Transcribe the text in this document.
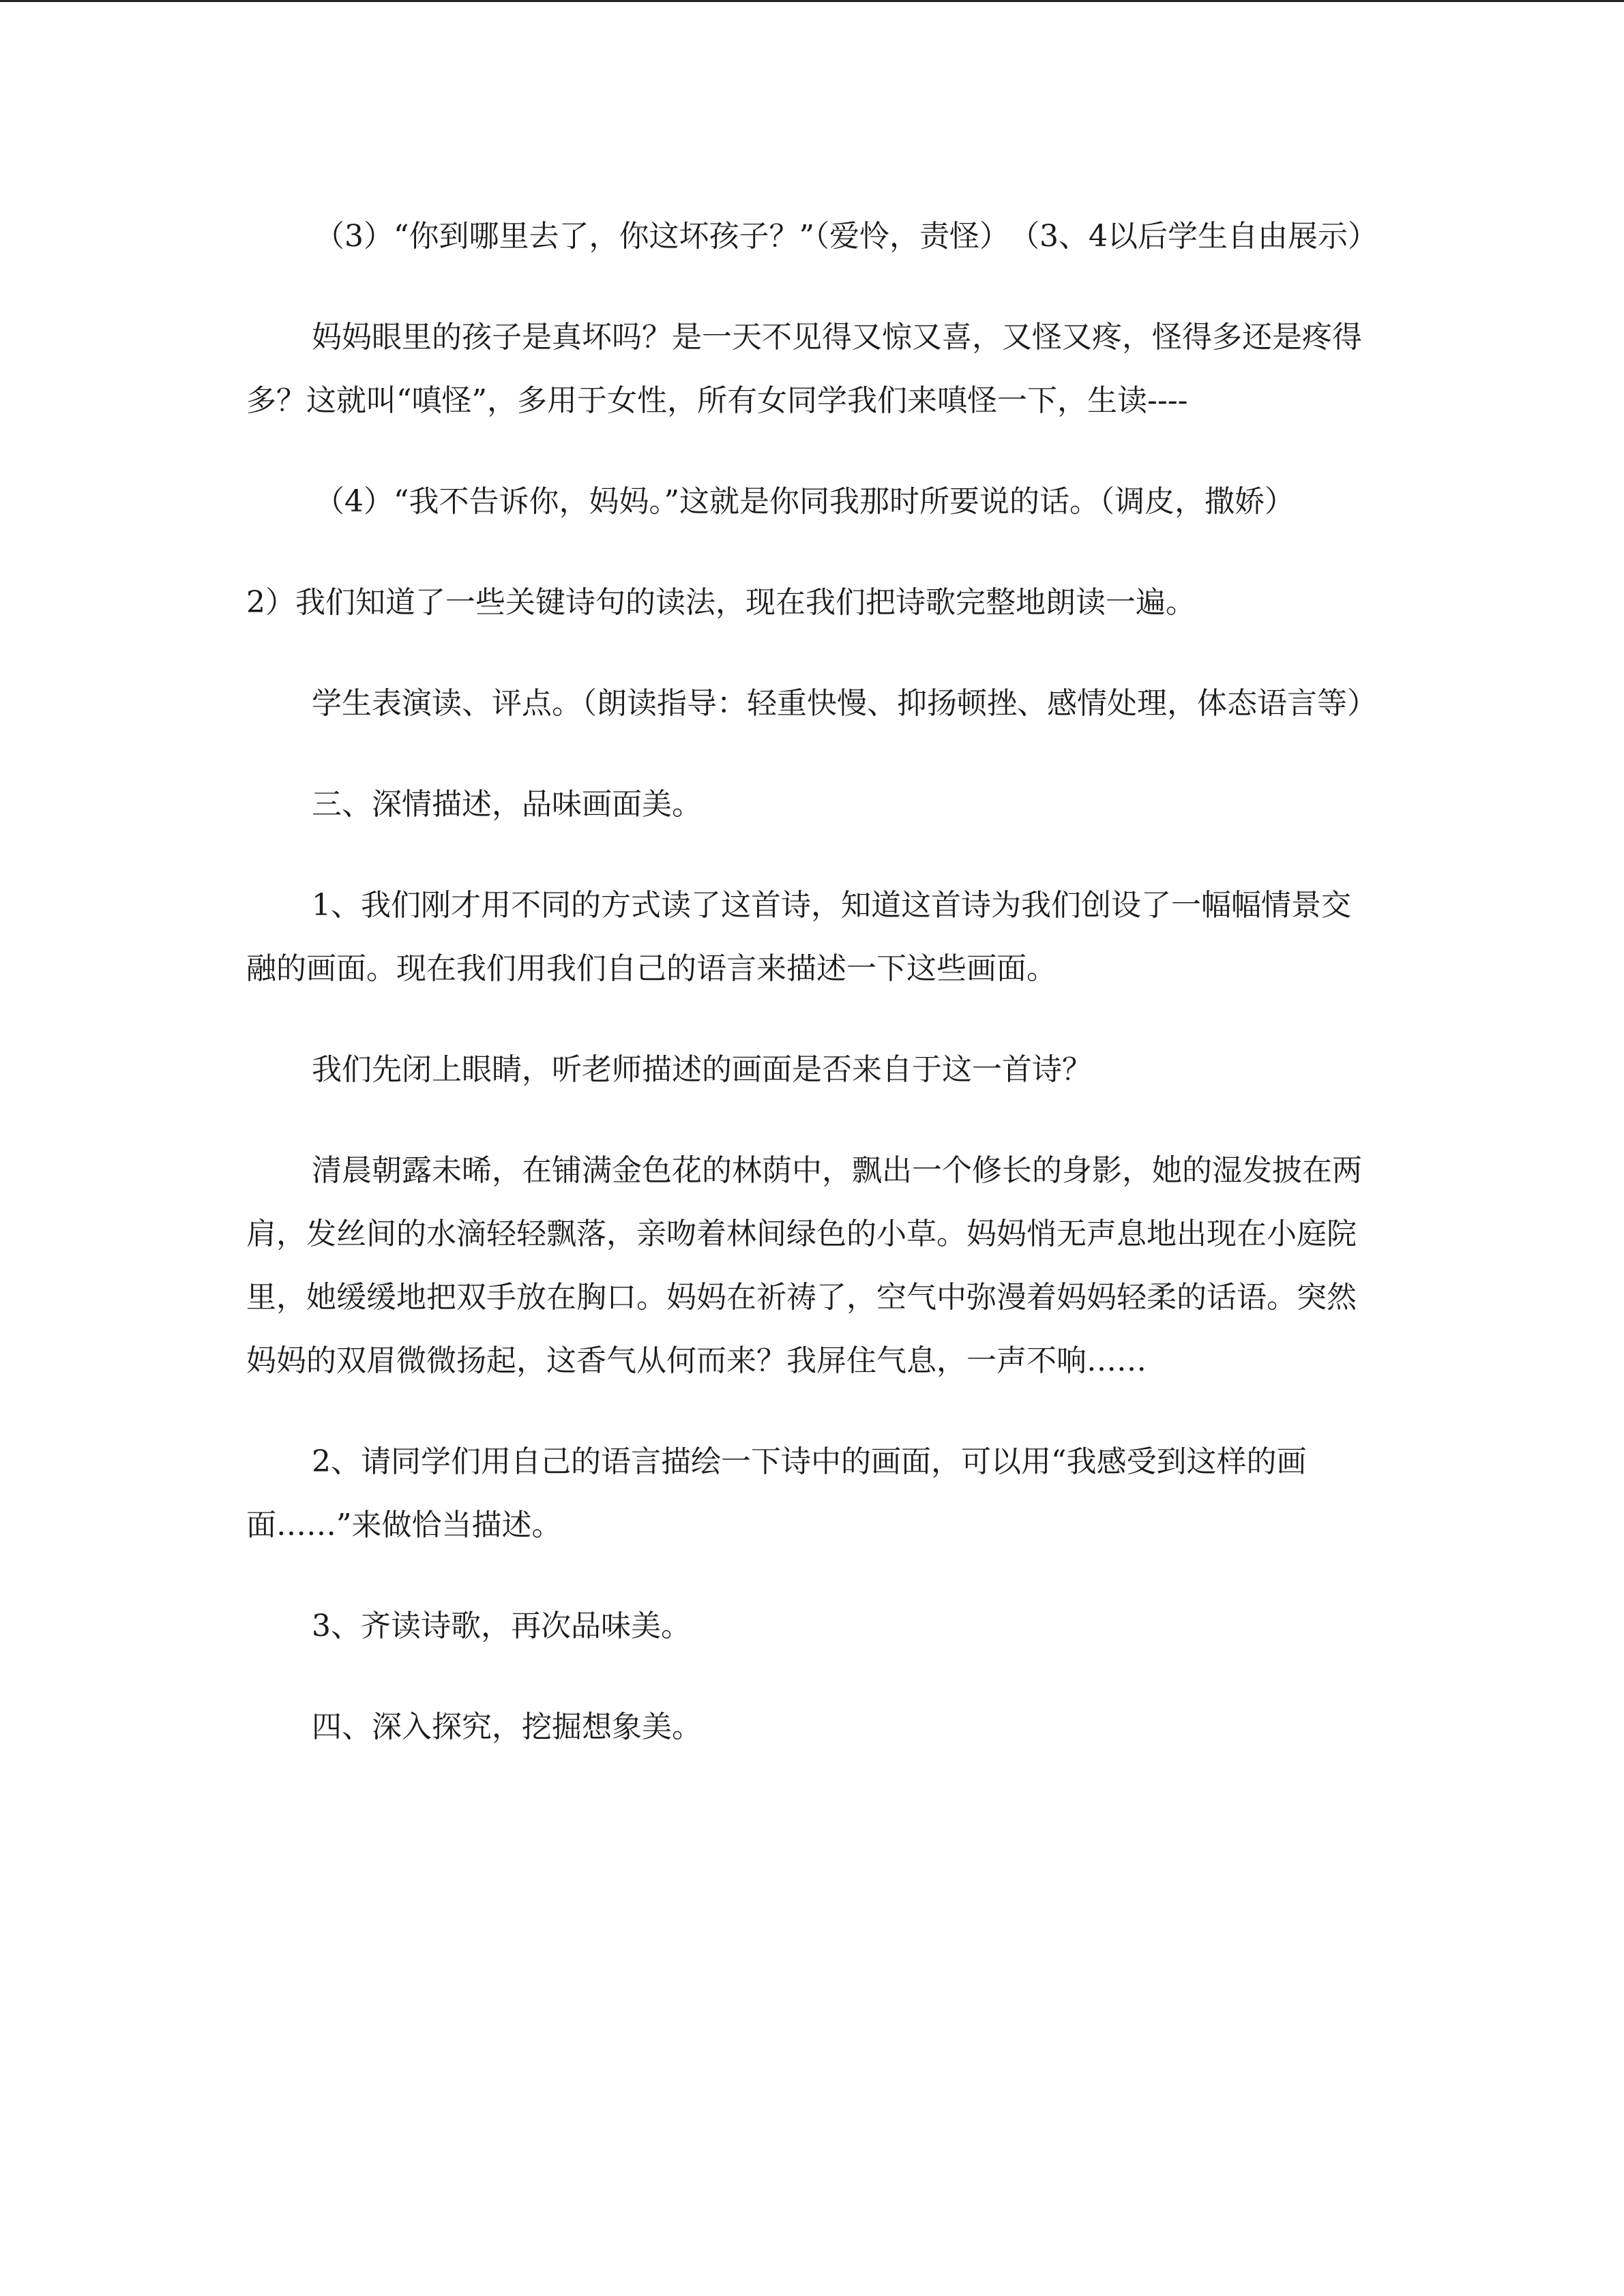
（3）“你到哪里去了，你这坏孩子？”（爱怜，责怪）　（3、4以后学生自由展示）

妈妈眼里的孩子是真坏吗？是一天不见得又惊又喜，又怪又疼，怪得多还是疼得多？这就叫“嗔怪”，多用于女性，所有女同学我们来嗔怪一下，生读----

（4）“我不告诉你，妈妈。”这就是你同我那时所要说的话。（调皮，撒娇）

2）我们知道了一些关键诗句的读法，现在我们把诗歌完整地朗读一遍。

学生表演读、评点。（朗读指导：轻重快慢、抑扬顿挫、感情处理，体态语言等）

三、深情描述，品味画面美。

1、我们刚才用不同的方式读了这首诗，知道这首诗为我们创设了一幅幅情景交融的画面。现在我们用我们自己的语言来描述一下这些画面。

我们先闭上眼睛，听老师描述的画面是否来自于这一首诗？

清晨朝露未晞，在铺满金色花的林荫中，飘出一个修长的身影，她的湿发披在两肩，发丝间的水滴轻轻飘落，亲吻着林间绿色的小草。妈妈悄无声息地出现在小庭院里，她缓缓地把双手放在胸口。妈妈在祈祷了，空气中弥漫着妈妈轻柔的话语。突然妈妈的双眉微微扬起，这香气从何而来？我屏住气息，一声不响……

2、请同学们用自己的语言描绘一下诗中的画面，可以用“我感受到这样的画面……”来做恰当描述。

3、齐读诗歌，再次品味美。

四、深入探究，挖掘想象美。
